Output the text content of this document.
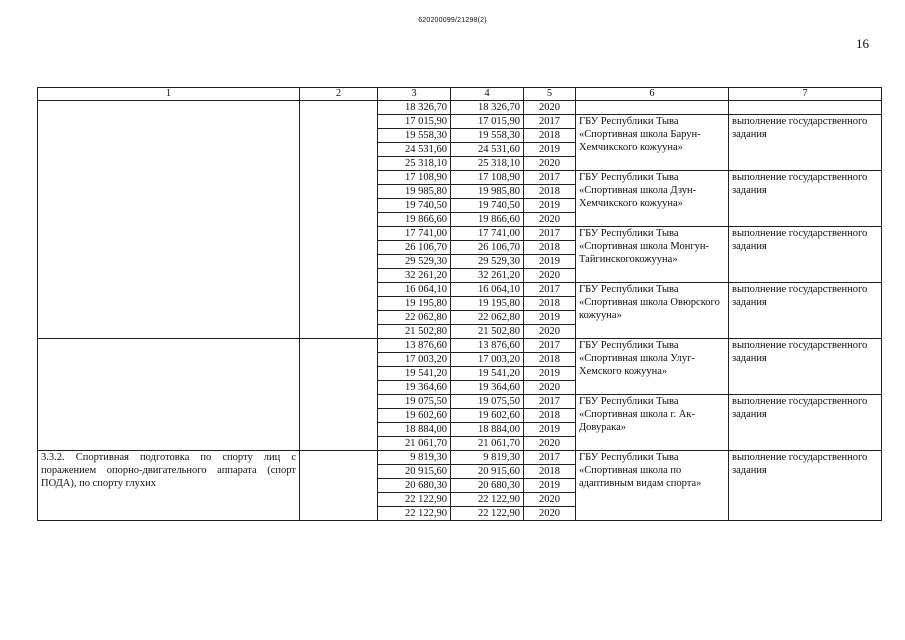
620200099/21298(2)
16
1	2	3	4	5	6	7
		18 326,70	18 326,70	2020		
		17 015,90	17 015,90	2017	ГБУ Республики Тыва «Спортивная школа Барун-Хемчикского кожууна»	выполнение государственного задания
		19 558,30	19 558,30	2018		
		24 531,60	24 531,60	2019		
		25 318,10	25 318,10	2020		
		17 108,90	17 108,90	2017	ГБУ Республики Тыва «Спортивная школа Дзун-Хемчикского кожууна»	выполнение государственного задания
		19 985,80	19 985,80	2018		
		19 740,50	19 740,50	2019		
		19 866,60	19 866,60	2020		
		17 741,00	17 741,00	2017	ГБУ Республики Тыва «Спортивная школа Монгун-Тайгинскогокожууна»	выполнение государственного задания
		26 106,70	26 106,70	2018		
		29 529,30	29 529,30	2019		
		32 261,20	32 261,20	2020		
		16 064,10	16 064,10	2017	ГБУ Республики Тыва «Спортивная школа Овюрского кожууна»	выполнение государственного задания
		19 195,80	19 195,80	2018		
		22 062,80	22 062,80	2019		
		21 502,80	21 502,80	2020		
		13 876,60	13 876,60	2017	ГБУ Республики Тыва «Спортивная школа Улуг-Хемского кожууна»	выполнение государственного задания
		17 003,20	17 003,20	2018		
		19 541,20	19 541,20	2019		
		19 364,60	19 364,60	2020		
		19 075,50	19 075,50	2017	ГБУ Республики Тыва «Спортивная школа г. Ак-Довурака»	выполнение государственного задания
		19 602,60	19 602,60	2018		
		18 884,00	18 884,00	2019		
		21 061,70	21 061,70	2020		
3.3.2. Спортивная подготовка по спорту лиц с поражением опорно-двигательного аппарата (спорт ПОДА), по спорту глухих		9 819,30	9 819,30	2017	ГБУ Республики Тыва «Спортивная школа по адаптивным видам спорта»	выполнение государственного задания
		20 915,60	20 915,60	2018		
		20 680,30	20 680,30	2019		
		22 122,90	22 122,90	2020		
		22 122,90	22 122,90	2020		
